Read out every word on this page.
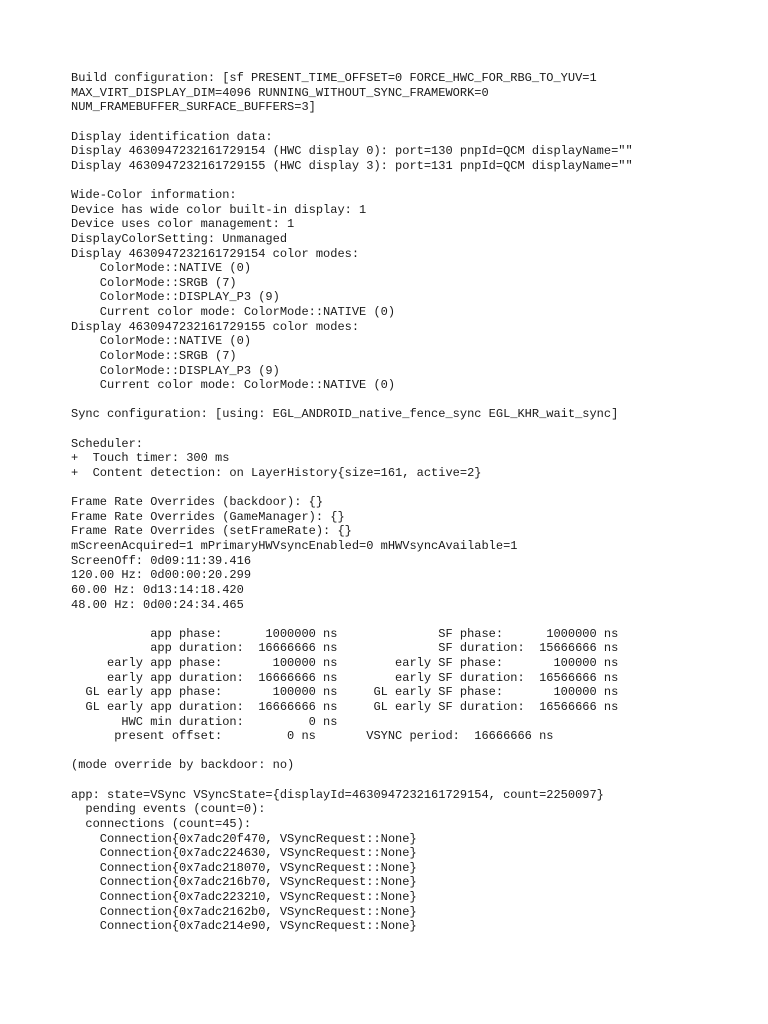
Build configuration: [sf PRESENT_TIME_OFFSET=0 FORCE_HWC_FOR_RBG_TO_YUV=1
MAX_VIRT_DISPLAY_DIM=4096 RUNNING_WITHOUT_SYNC_FRAMEWORK=0
NUM_FRAMEBUFFER_SURFACE_BUFFERS=3]
Display identification data:
Display 4630947232161729154 (HWC display 0): port=130 pnpId=QCM displayName=""
Display 4630947232161729155 (HWC display 3): port=131 pnpId=QCM displayName=""
Wide-Color information:
Device has wide color built-in display: 1
Device uses color management: 1
DisplayColorSetting: Unmanaged
Display 4630947232161729154 color modes:
ColorMode::NATIVE (0)
ColorMode::SRGB (7)
ColorMode::DISPLAY_P3 (9)
Current color mode: ColorMode::NATIVE (0)
Display 4630947232161729155 color modes:
ColorMode::NATIVE (0)
ColorMode::SRGB (7)
ColorMode::DISPLAY_P3 (9)
Current color mode: ColorMode::NATIVE (0)
Sync configuration: [using: EGL_ANDROID_native_fence_sync EGL_KHR_wait_sync]
Scheduler:
+  Touch timer: 300 ms
+  Content detection: on LayerHistory{size=161, active=2}
Frame Rate Overrides (backdoor): {}
Frame Rate Overrides (GameManager): {}
Frame Rate Overrides (setFrameRate): {}
mScreenAcquired=1 mPrimaryHWVsyncEnabled=0 mHWVsyncAvailable=1
ScreenOff: 0d09:11:39.416
120.00 Hz: 0d00:00:20.299
60.00 Hz: 0d13:14:18.420
48.00 Hz: 0d00:24:34.465
app phase:      1000000 ns              SF phase:      1000000 ns
app duration:  16666666 ns              SF duration:  15666666 ns
early app phase:       100000 ns        early SF phase:       100000 ns
early app duration:  16666666 ns        early SF duration:  16566666 ns
GL early app phase:       100000 ns     GL early SF phase:       100000 ns
GL early app duration:  16666666 ns     GL early SF duration:  16566666 ns
HWC min duration:         0 ns
present offset:         0 ns       VSYNC period:  16666666 ns
(mode override by backdoor: no)
app: state=VSync VSyncState={displayId=4630947232161729154, count=2250097}
pending events (count=0):
connections (count=45):
Connection{0x7adc20f470, VSyncRequest::None}
Connection{0x7adc224630, VSyncRequest::None}
Connection{0x7adc218070, VSyncRequest::None}
Connection{0x7adc216b70, VSyncRequest::None}
Connection{0x7adc223210, VSyncRequest::None}
Connection{0x7adc2162b0, VSyncRequest::None}
Connection{0x7adc214e90, VSyncRequest::None}
